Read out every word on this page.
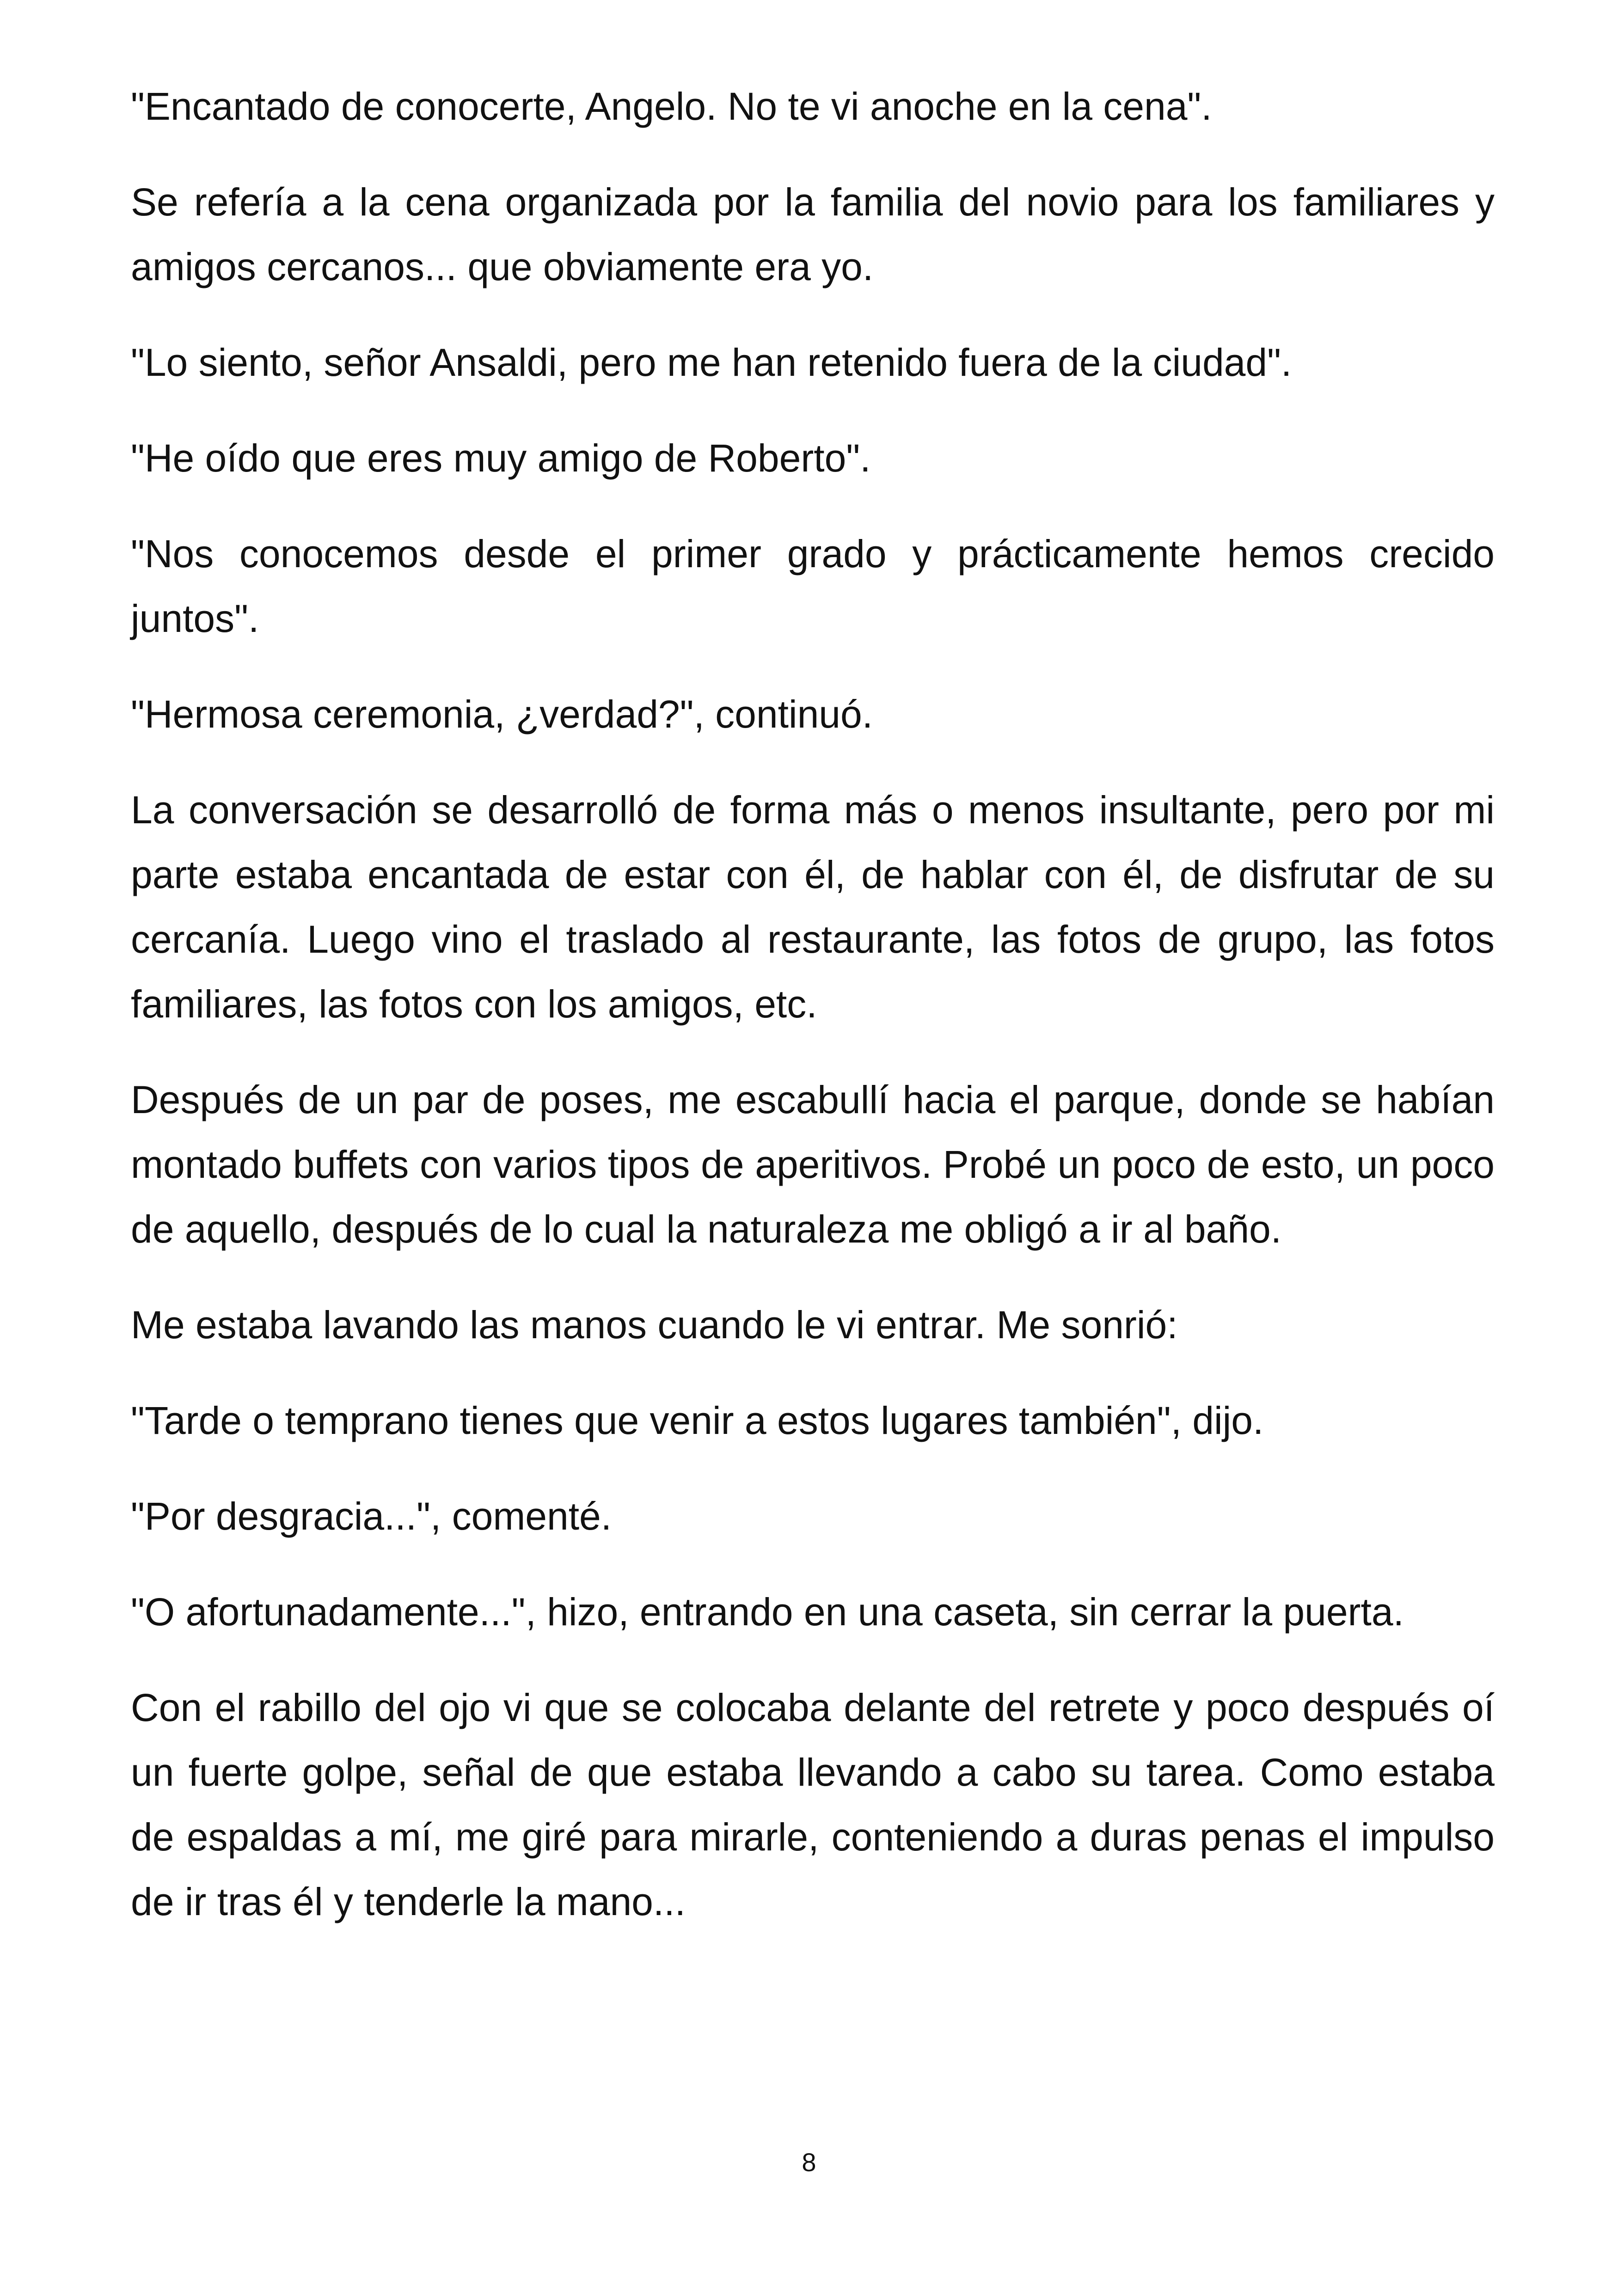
"Encantado de conocerte, Angelo. No te vi anoche en la cena".

Se refería a la cena organizada por la familia del novio para los familiares y amigos cercanos... que obviamente era yo.

"Lo siento, señor Ansaldi, pero me han retenido fuera de la ciudad".

"He oído que eres muy amigo de Roberto".

"Nos conocemos desde el primer grado y prácticamente hemos crecido juntos".

"Hermosa ceremonia, ¿verdad?", continuó.

La conversación se desarrolló de forma más o menos insultante, pero por mi parte estaba encantada de estar con él, de hablar con él, de disfrutar de su cercanía. Luego vino el traslado al restaurante, las fotos de grupo, las fotos familiares, las fotos con los amigos, etc.

Después de un par de poses, me escabullí hacia el parque, donde se habían montado buffets con varios tipos de aperitivos. Probé un poco de esto, un poco de aquello, después de lo cual la naturaleza me obligó a ir al baño.

Me estaba lavando las manos cuando le vi entrar. Me sonrió:

"Tarde o temprano tienes que venir a estos lugares también", dijo.

"Por desgracia...", comenté.

"O afortunadamente...", hizo, entrando en una caseta, sin cerrar la puerta.

Con el rabillo del ojo vi que se colocaba delante del retrete y poco después oí un fuerte golpe, señal de que estaba llevando a cabo su tarea. Como estaba de espaldas a mí, me giré para mirarle, conteniendo a duras penas el impulso de ir tras él y tenderle la mano...

8
